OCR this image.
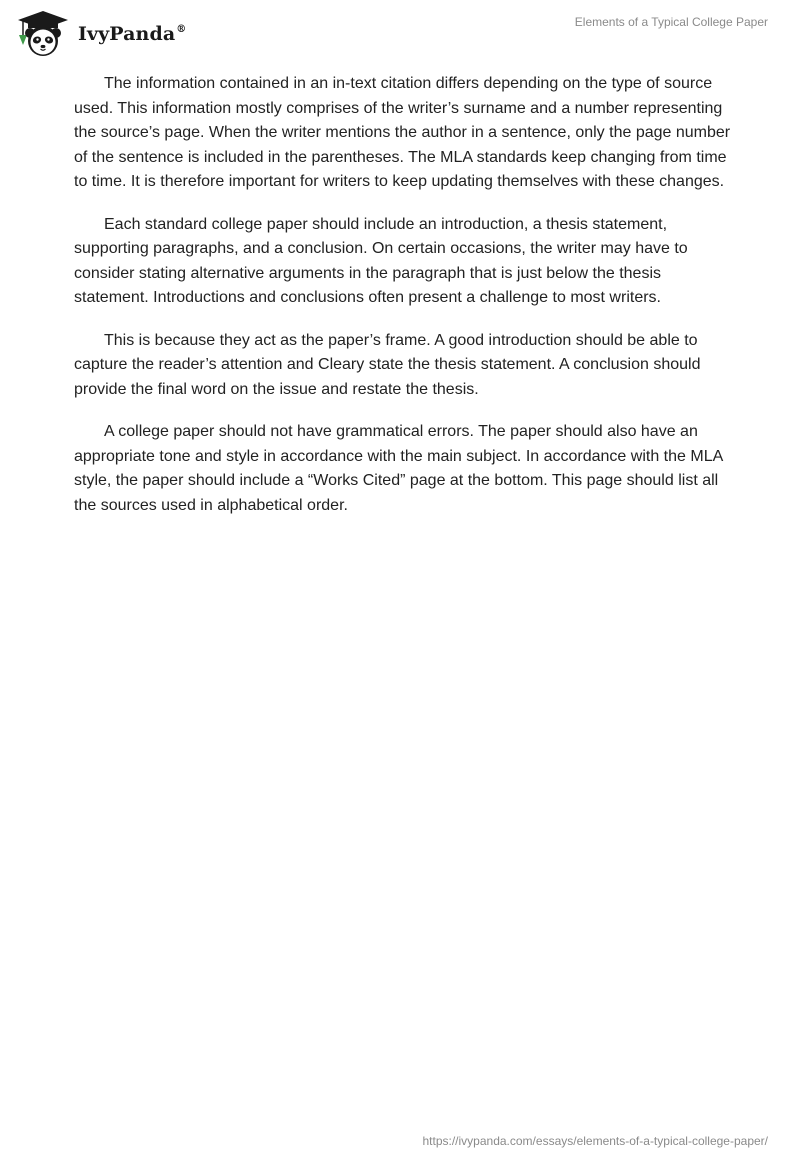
IvyPanda®
Elements of a Typical College Paper

The information contained in an in-text citation differs depending on the type of source used. This information mostly comprises of the writer’s surname and a number representing the source’s page. When the writer mentions the author in a sentence, only the page number of the sentence is included in the parentheses. The MLA standards keep changing from time to time. It is therefore important for writers to keep updating themselves with these changes.

Each standard college paper should include an introduction, a thesis statement, supporting paragraphs, and a conclusion. On certain occasions, the writer may have to consider stating alternative arguments in the paragraph that is just below the thesis statement. Introductions and conclusions often present a challenge to most writers.

This is because they act as the paper’s frame. A good introduction should be able to capture the reader’s attention and Cleary state the thesis statement. A conclusion should provide the final word on the issue and restate the thesis.

A college paper should not have grammatical errors. The paper should also have an appropriate tone and style in accordance with the main subject. In accordance with the MLA style, the paper should include a “Works Cited” page at the bottom. This page should list all the sources used in alphabetical order.

https://ivypanda.com/essays/elements-of-a-typical-college-paper/
